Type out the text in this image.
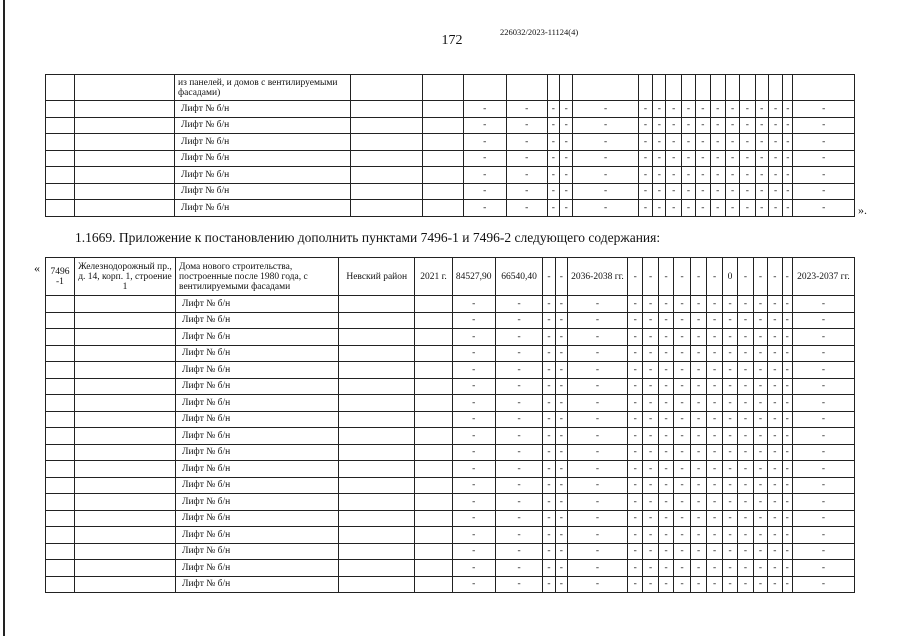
226032/2023-11124(4)
172
		из панелей, и домов с вентилируемыми фасадами)																			
		Лифт № б/н			-	-	-	-	-	-	-	-	-	-	-	-	-	-	-	-	-
		Лифт № б/н			-	-	-	-	-	-	-	-	-	-	-	-	-	-	-	-	-
		Лифт № б/н			-	-	-	-	-	-	-	-	-	-	-	-	-	-	-	-	-
		Лифт № б/н			-	-	-	-	-	-	-	-	-	-	-	-	-	-	-	-	-
		Лифт № б/н			-	-	-	-	-	-	-	-	-	-	-	-	-	-	-	-	-
		Лифт № б/н			-	-	-	-	-	-	-	-	-	-	-	-	-	-	-	-	-
		Лифт № б/н			-	-	-	-	-	-	-	-	-	-	-	-	-	-	-	-	-	».
1.1669. Приложение к постановлению дополнить пунктами 7496-1 и 7496-2 следующего содержания:
« 7496 -1	Железнодорожный пр., д. 14, корп. 1, строение 1	Дома нового строительства, построенные после 1980 года, с вентилируемыми фасадами	Невский район	2021 г.	84527,90	66540,40	-	-	2036-2038 гг.	-	-	-	-	-	-	0	-	-	-	-	2023-2037 гг.
		Лифт № б/н			-	-	-	-	-	-	-	-	-	-	-	-	-	-	-	-	-
		Лифт № б/н			-	-	-	-	-	-	-	-	-	-	-	-	-	-	-	-	-
		Лифт № б/н			-	-	-	-	-	-	-	-	-	-	-	-	-	-	-	-	-
		Лифт № б/н			-	-	-	-	-	-	-	-	-	-	-	-	-	-	-	-	-
		Лифт № б/н			-	-	-	-	-	-	-	-	-	-	-	-	-	-	-	-	-
		Лифт № б/н			-	-	-	-	-	-	-	-	-	-	-	-	-	-	-	-	-
		Лифт № б/н			-	-	-	-	-	-	-	-	-	-	-	-	-	-	-	-	-
		Лифт № б/н			-	-	-	-	-	-	-	-	-	-	-	-	-	-	-	-	-
		Лифт № б/н			-	-	-	-	-	-	-	-	-	-	-	-	-	-	-	-	-
		Лифт № б/н			-	-	-	-	-	-	-	-	-	-	-	-	-	-	-	-	-
		Лифт № б/н			-	-	-	-	-	-	-	-	-	-	-	-	-	-	-	-	-
		Лифт № б/н			-	-	-	-	-	-	-	-	-	-	-	-	-	-	-	-	-
		Лифт № б/н			-	-	-	-	-	-	-	-	-	-	-	-	-	-	-	-	-
		Лифт № б/н			-	-	-	-	-	-	-	-	-	-	-	-	-	-	-	-	-
		Лифт № б/н			-	-	-	-	-	-	-	-	-	-	-	-	-	-	-	-	-
		Лифт № б/н			-	-	-	-	-	-	-	-	-	-	-	-	-	-	-	-	-
		Лифт № б/н			-	-	-	-	-	-	-	-	-	-	-	-	-	-	-	-	-
		Лифт № б/н			-	-	-	-	-	-	-	-	-	-	-	-	-	-	-	-	-
